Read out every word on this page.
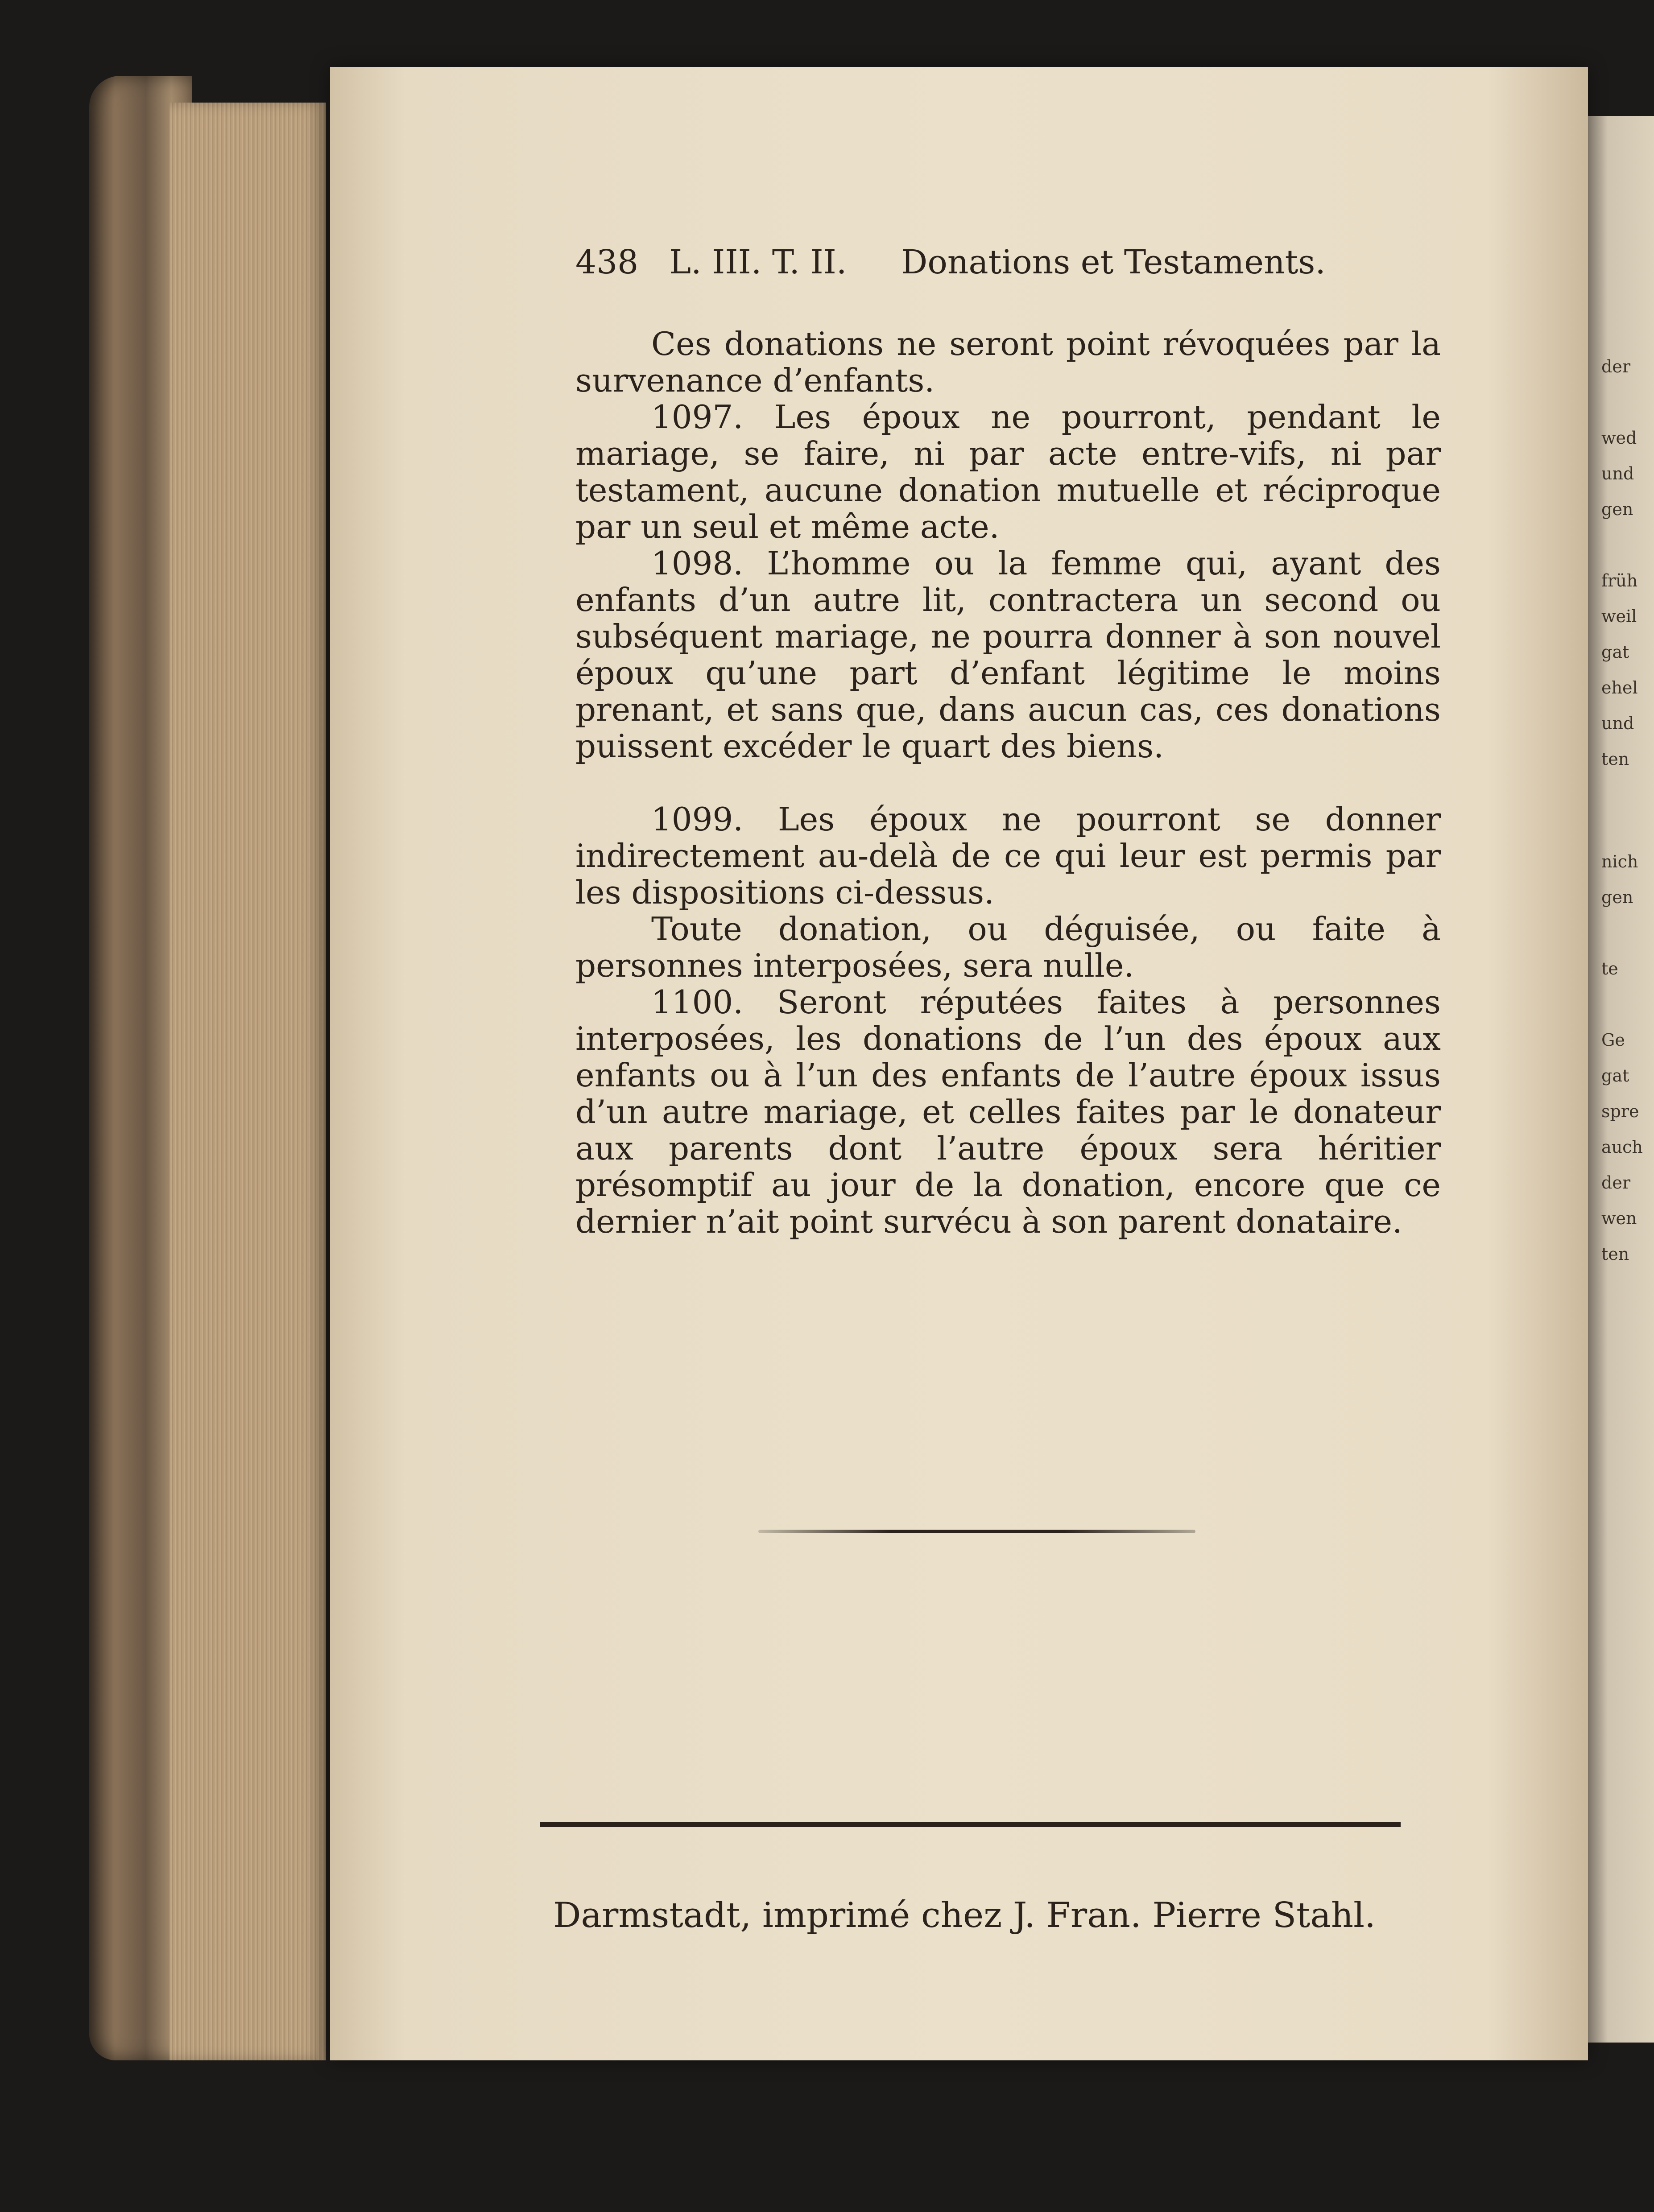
der
wed
und
gen
früh
weil
gat
ehel
und
ten
nich
gen
te
Ge
gat
spre
auch
der
wen
ten
438 L. III. T. II.	Donations et Testaments.

Ces donations ne seront point révoquées par la survenance d’enfants.

1097. Les époux ne pourront, pendant le mariage, se faire, ni par acte entre-vifs, ni par testament, aucune donation mutuelle et réciproque par un seul et même acte.

1098. L’homme ou la femme qui, ayant des enfants d’un autre lit, contractera un second ou subséquent mariage, ne pourra donner à son nouvel époux qu’une part d’enfant légitime le moins prenant, et sans que, dans aucun cas, ces donations puissent excéder le quart des biens.

1099. Les époux ne pourront se donner indirectement au-delà de ce qui leur est permis par les dispositions ci-dessus.

Toute donation, ou déguisée, ou faite à personnes interposées, sera nulle.

1100. Seront réputées faites à personnes interposées, les donations de l’un des époux aux enfants ou à l’un des enfants de l’autre époux issus d’un autre mariage, et celles faites par le donateur aux parents dont l’autre époux sera héritier présomptif au jour de la donation, encore que ce dernier n’ait point survécu à son parent donataire.

Darmstadt, imprimé chez J. Fran. Pierre Stahl.
